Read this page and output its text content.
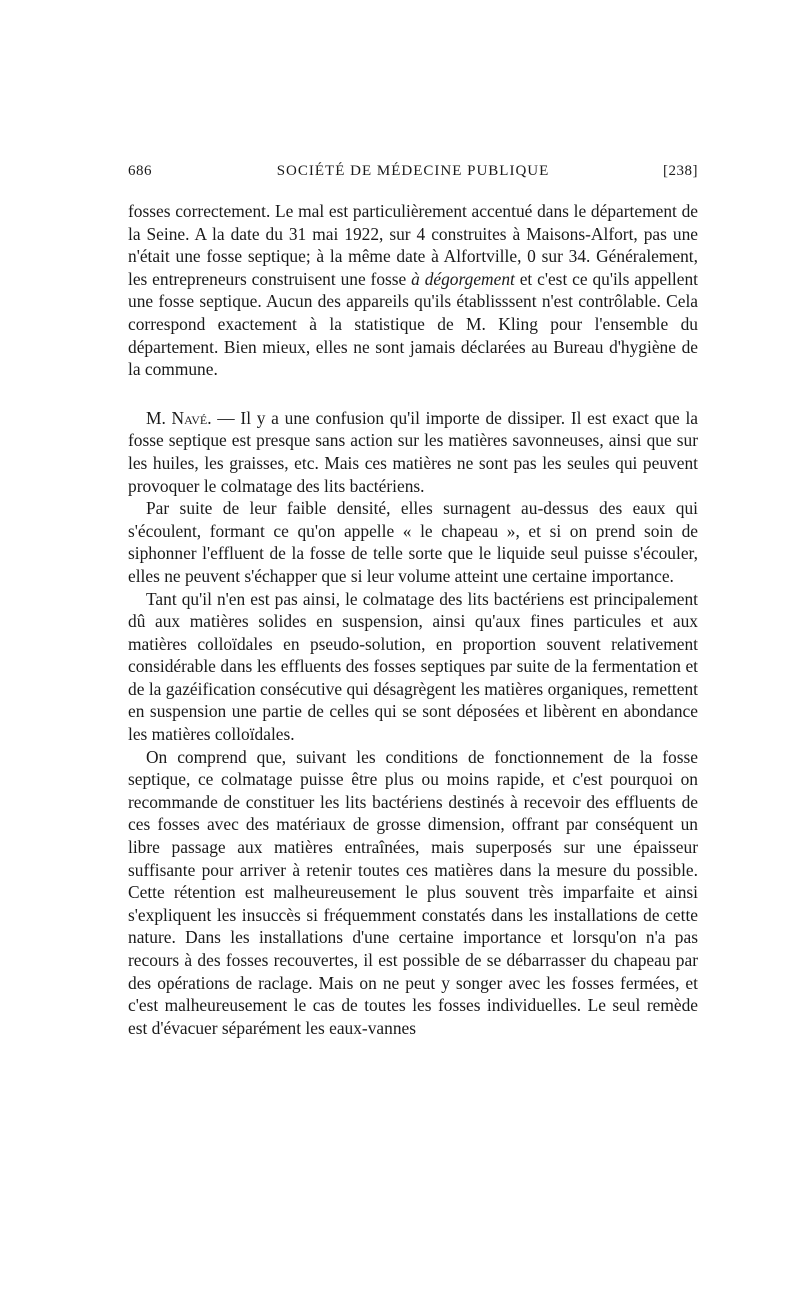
686	SOCIÉTÉ DE MÉDECINE PUBLIQUE	[238]

fosses correctement. Le mal est particulièrement accentué dans le département de la Seine. A la date du 31 mai 1922, sur 4 construites à Maisons-Alfort, pas une n'était une fosse septique; à la même date à Alfortville, 0 sur 34. Généralement, les entrepreneurs construisent une fosse à dégorgement et c'est ce qu'ils appellent une fosse septique. Aucun des appareils qu'ils établisssent n'est contrôlable. Cela correspond exactement à la statistique de M. Kling pour l'ensemble du département. Bien mieux, elles ne sont jamais déclarées au Bureau d'hygiène de la commune.

M. Navé. — Il y a une confusion qu'il importe de dissiper. Il est exact que la fosse septique est presque sans action sur les matières savonneuses, ainsi que sur les huiles, les graisses, etc. Mais ces matières ne sont pas les seules qui peuvent provoquer le colmatage des lits bactériens.

Par suite de leur faible densité, elles surnagent au-dessus des eaux qui s'écoulent, formant ce qu'on appelle « le chapeau », et si on prend soin de siphonner l'effluent de la fosse de telle sorte que le liquide seul puisse s'écouler, elles ne peuvent s'échapper que si leur volume atteint une certaine importance.

Tant qu'il n'en est pas ainsi, le colmatage des lits bactériens est principalement dû aux matières solides en suspension, ainsi qu'aux fines particules et aux matières colloïdales en pseudo-solution, en proportion souvent relativement considérable dans les effluents des fosses septiques par suite de la fermentation et de la gazéification consécutive qui désagrègent les matières organiques, remettent en suspension une partie de celles qui se sont déposées et libèrent en abondance les matières colloïdales.

On comprend que, suivant les conditions de fonctionnement de la fosse septique, ce colmatage puisse être plus ou moins rapide, et c'est pourquoi on recommande de constituer les lits bactériens destinés à recevoir des effluents de ces fosses avec des matériaux de grosse dimension, offrant par conséquent un libre passage aux matières entraînées, mais superposés sur une épaisseur suffisante pour arriver à retenir toutes ces matières dans la mesure du possible. Cette rétention est malheureusement le plus souvent très imparfaite et ainsi s'expliquent les insuccès si fréquemment constatés dans les installations de cette nature. Dans les installations d'une certaine importance et lorsqu'on n'a pas recours à des fosses recouvertes, il est possible de se débarrasser du chapeau par des opérations de raclage. Mais on ne peut y songer avec les fosses fermées, et c'est malheureusement le cas de toutes les fosses individuelles. Le seul remède est d'évacuer séparément les eaux-vannes
